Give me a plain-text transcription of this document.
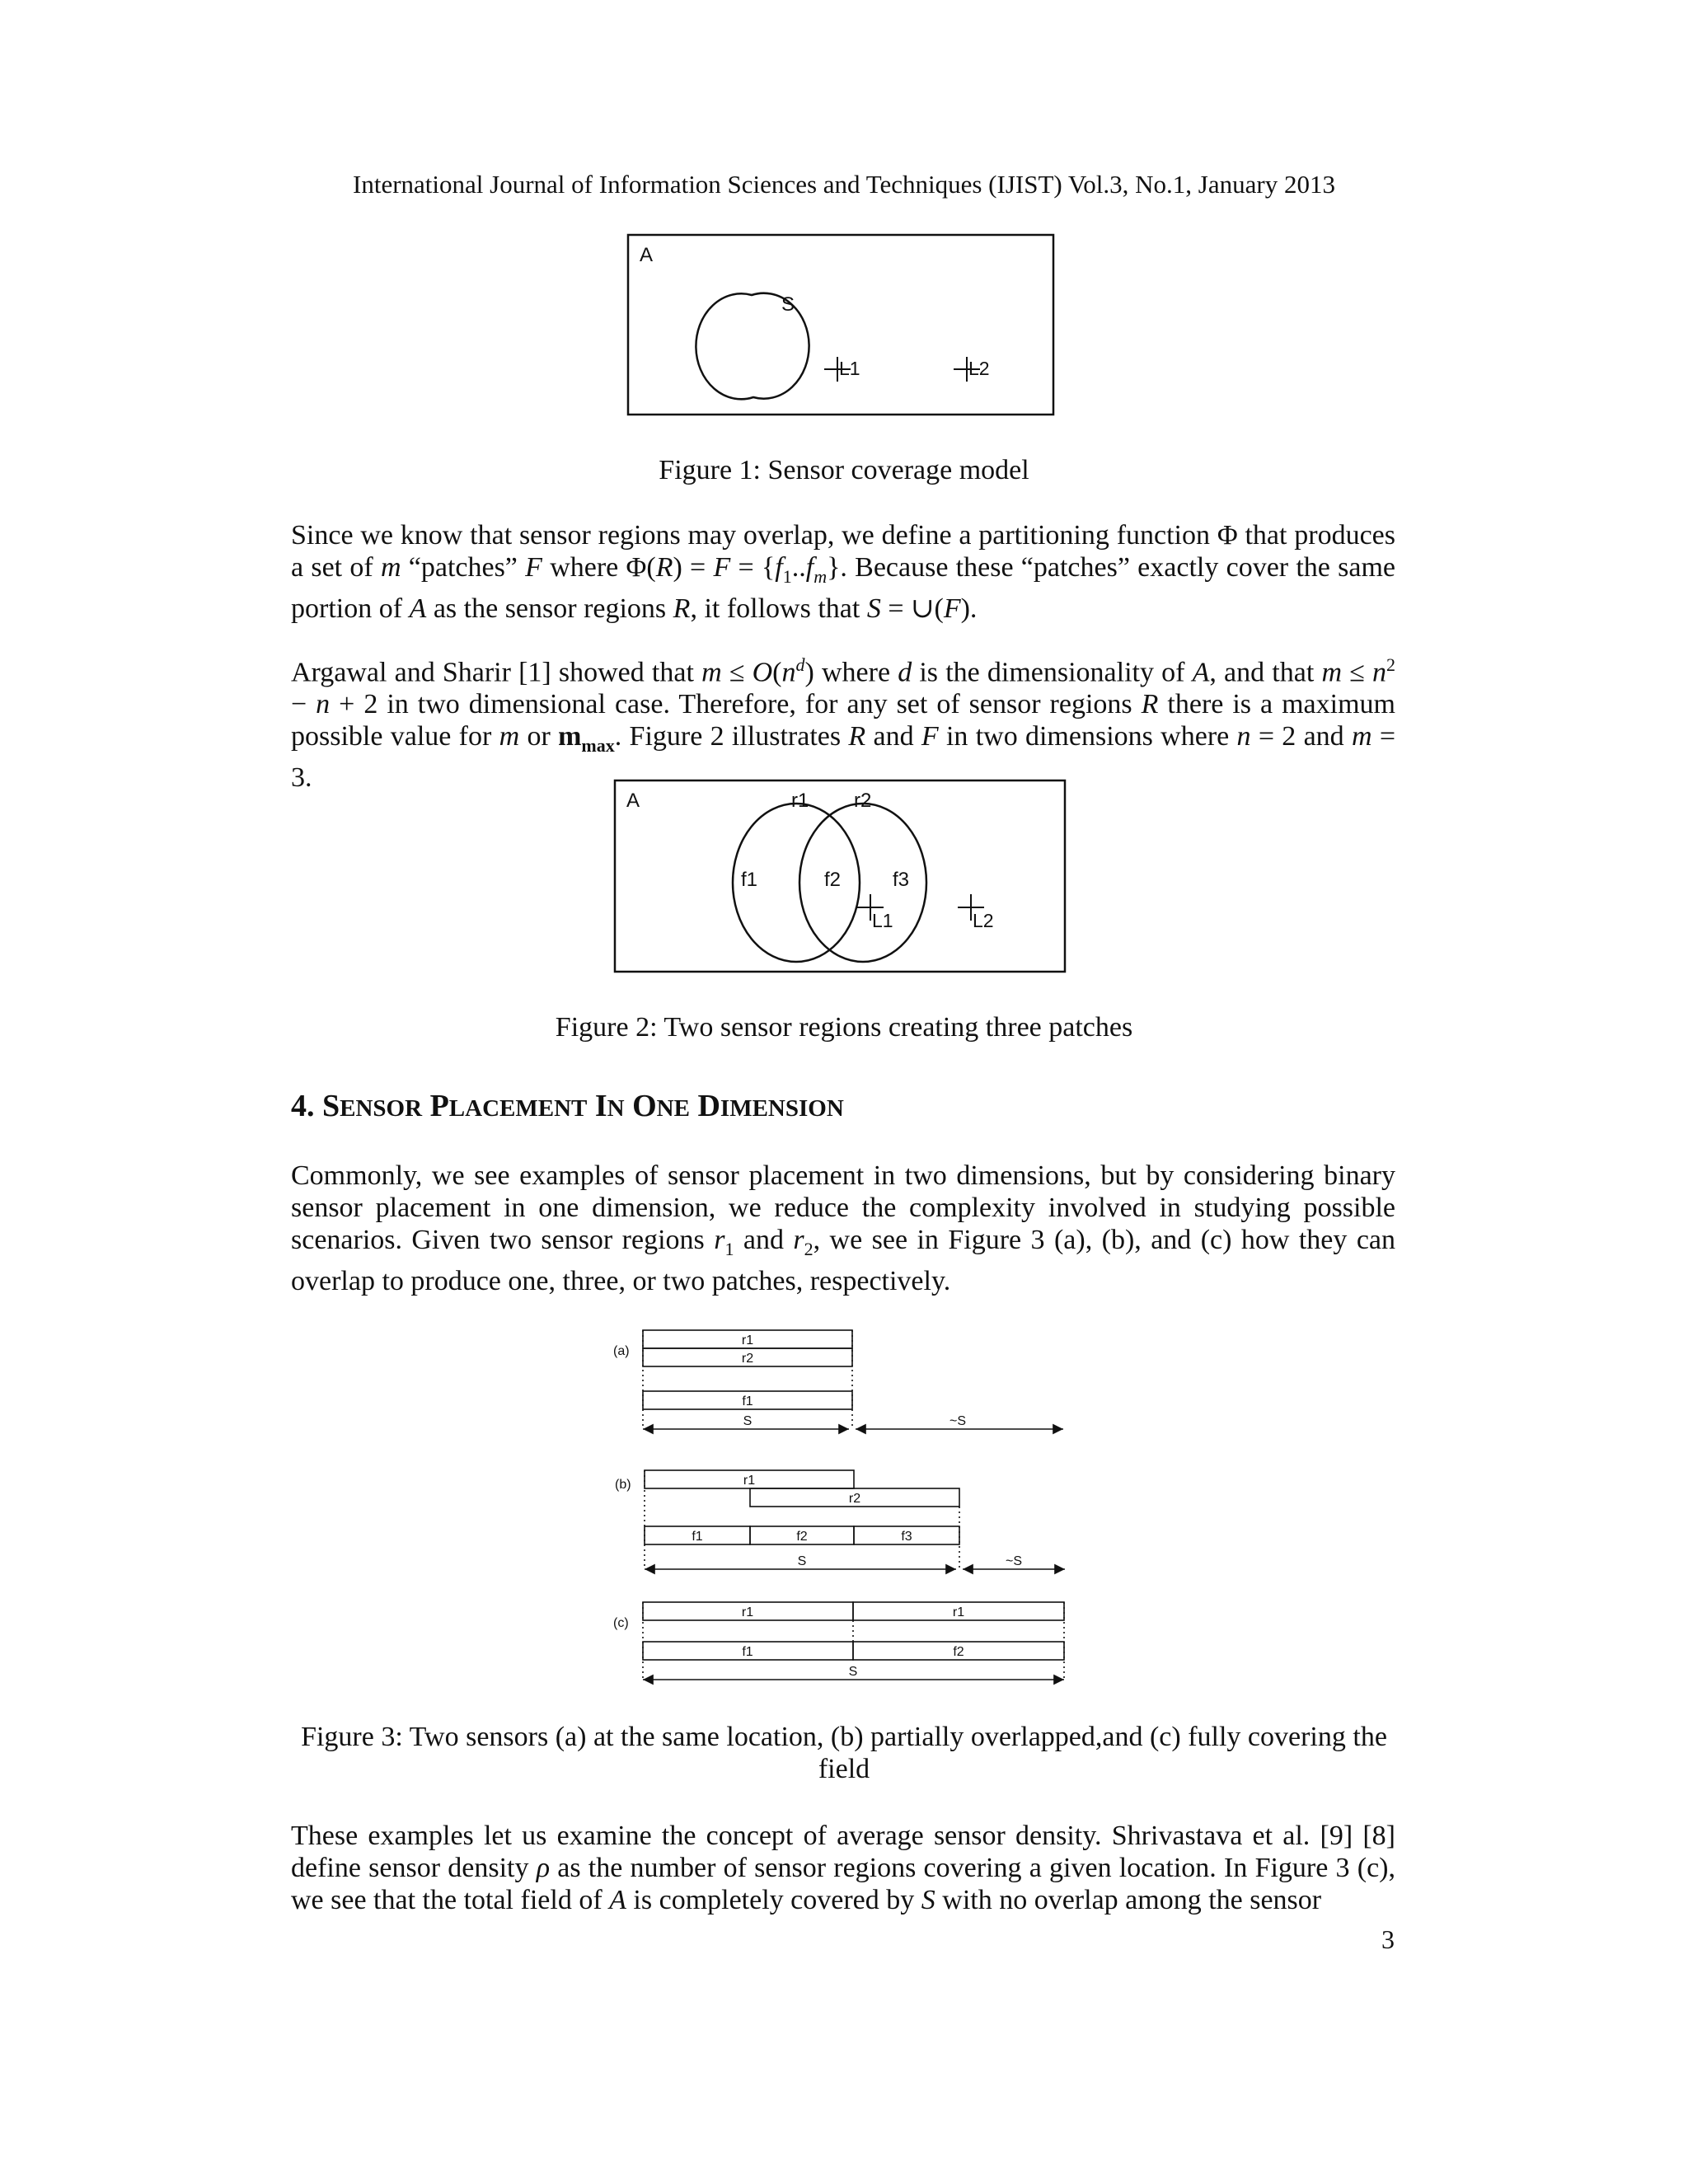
International Journal of Information Sciences and Techniques (IJIST) Vol.3, No.1, January 2013
A
S
L1	L2
Figure 1: Sensor coverage model

Since we know that sensor regions may overlap, we define a partitioning function Φ that produces a set of m “patches” F where $\Phi(R) = F = \{f_1..f_m\}$. Because these “patches” exactly cover the same portion of A as the sensor regions R, it follows that S = ∪(F).

Argawal and Sharir [1] showed that $m \le O(n^d)$ where d is the dimensionality of A, and that $m \le n^2 - n + 2$ in two dimensional case. Therefore, for any set of sensor regions R there is a maximum possible value for m or $m_{max}$. Figure 2 illustrates R and F in two dimensions where n = 2 and m = 3.

A	r1 r2
f1	f2	f3
L1	L2
Figure 2: Two sensor regions creating three patches
4. SENSOR PLACEMENT IN ONE DIMENSION

Commonly, we see examples of sensor placement in two dimensions, but by considering binary sensor placement in one dimension, we reduce the complexity involved in studying possible scenarios. Given two sensor regions $r_1$ and $r_2$, we see in Figure 3 (a), (b), and (c) how they can overlap to produce one, three, or two patches, respectively.

(a)
r1
r2
f1
S	~S
(b)	r1
r2
f1	f2	f3
S	~S
(c)
r1	r1
f1	f2
S
Figure 3: Two sensors (a) at the same location, (b) partially overlapped,and (c) fully covering the
field

These examples let us examine the concept of average sensor density. Shrivastava et al. [9] [8] define sensor density ρ as the number of sensor regions covering a given location. In Figure 3 (c), we see that the total field of A is completely covered by S with no overlap among the sensor

3
